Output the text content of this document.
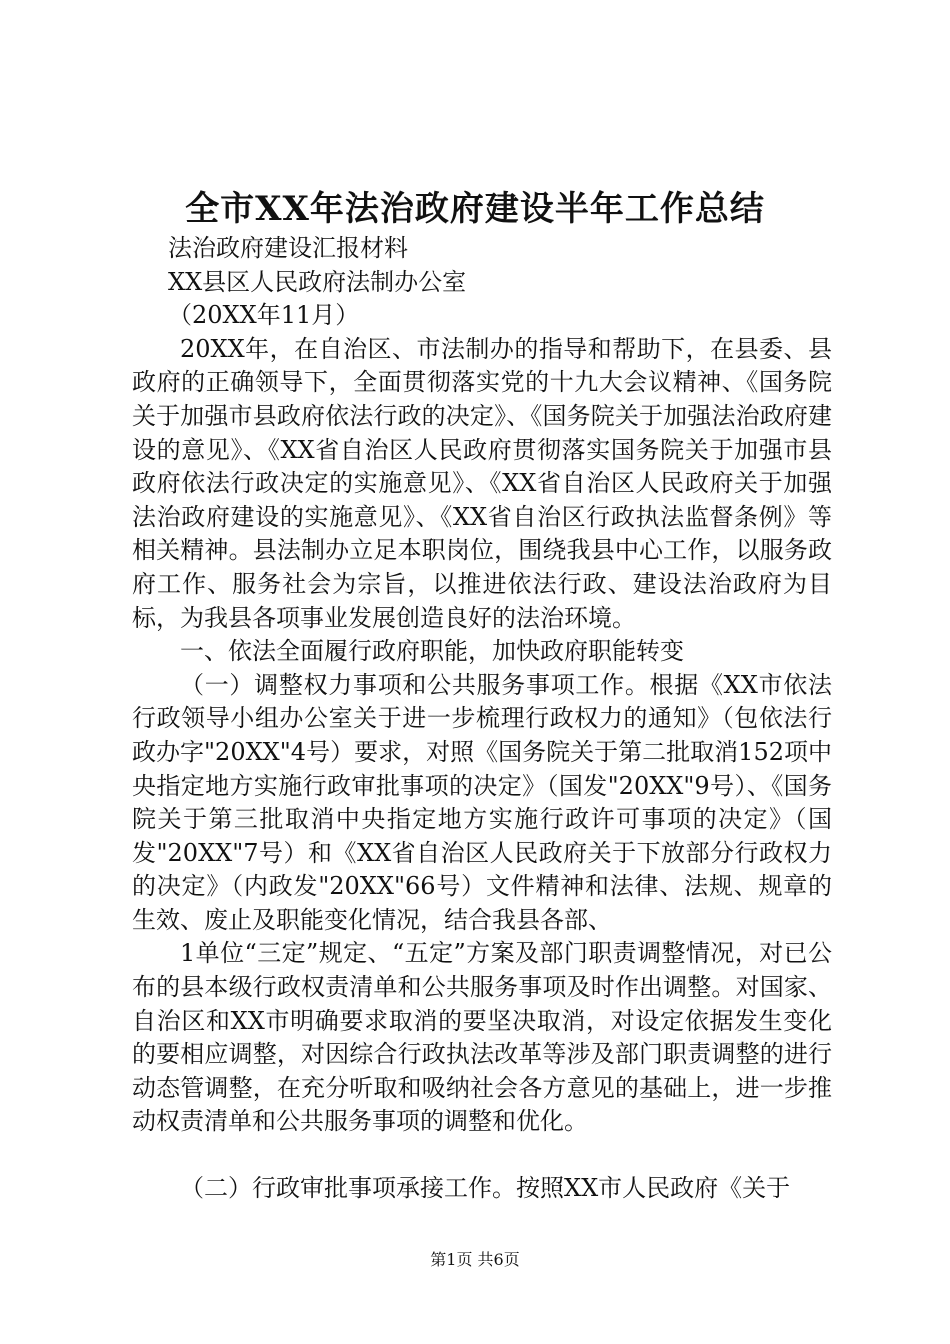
全市XX年法治政府建设半年工作总结

法治政府建设汇报材料

XX县区人民政府法制办公室

（20XX年11月）

20XX年，在自治区、市法制办的指导和帮助下，在县委、县政府的正确领导下，全面贯彻落实党的十九大会议精神、《国务院关于加强市县政府依法行政的决定》、《国务院关于加强法治政府建设的意见》、《XX省自治区人民政府贯彻落实国务院关于加强市县政府依法行政决定的实施意见》、《XX省自治区人民政府关于加强法治政府建设的实施意见》、《XX省自治区行政执法监督条例》等相关精神。县法制办立足本职岗位，围绕我县中心工作，以服务政府工作、服务社会为宗旨，以推进依法行政、建设法治政府为目标，为我县各项事业发展创造良好的法治环境。

一、依法全面履行政府职能，加快政府职能转变

（一）调整权力事项和公共服务事项工作。根据《XX市依法行政领导小组办公室关于进一步梳理行政权力的通知》（包依法行政办字"20XX"4号）要求，对照《国务院关于第二批取消152项中央指定地方实施行政审批事项的决定》（国发"20XX"9号）、《国务院关于第三批取消中央指定地方实施行政许可事项的决定》（国发"20XX"7号）和《XX省自治区人民政府关于下放部分行政权力的决定》（内政发"20XX"66号）文件精神和法律、法规、规章的生效、废止及职能变化情况，结合我县各部、

1单位“三定”规定、“五定”方案及部门职责调整情况，对已公布的县本级行政权责清单和公共服务事项及时作出调整。对国家、自治区和XX市明确要求取消的要坚决取消，对设定依据发生变化的要相应调整，对因综合行政执法改革等涉及部门职责调整的进行动态管调整，在充分听取和吸纳社会各方意见的基础上，进一步推动权责清单和公共服务事项的调整和优化。

（二）行政审批事项承接工作。按照XX市人民政府《关于

第1页 共6页
